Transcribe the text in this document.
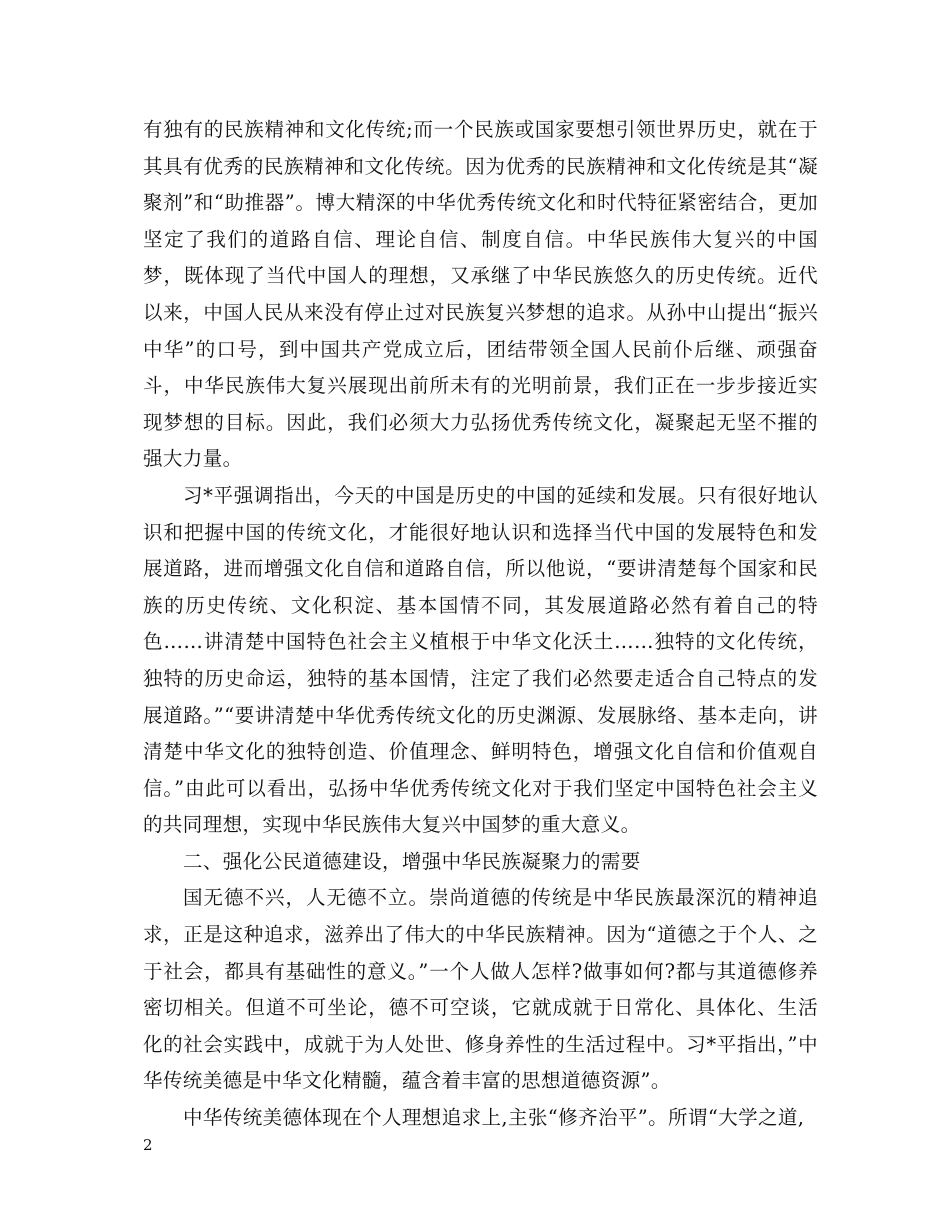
有独有的民族精神和文化传统;而一个民族或国家要想引领世界历史，就在于其具有优秀的民族精神和文化传统。因为优秀的民族精神和文化传统是其“凝聚剂”和“助推器”。博大精深的中华优秀传统文化和时代特征紧密结合，更加坚定了我们的道路自信、理论自信、制度自信。中华民族伟大复兴的中国梦，既体现了当代中国人的理想，又承继了中华民族悠久的历史传统。近代以来，中国人民从来没有停止过对民族复兴梦想的追求。从孙中山提出“振兴中华”的口号，到中国共产党成立后，团结带领全国人民前仆后继、顽强奋斗，中华民族伟大复兴展现出前所未有的光明前景，我们正在一步步接近实现梦想的目标。因此，我们必须大力弘扬优秀传统文化，凝聚起无坚不摧的强大力量。

习*平强调指出，今天的中国是历史的中国的延续和发展。只有很好地认识和把握中国的传统文化，才能很好地认识和选择当代中国的发展特色和发展道路，进而增强文化自信和道路自信，所以他说，“要讲清楚每个国家和民族的历史传统、文化积淀、基本国情不同，其发展道路必然有着自己的特色……讲清楚中国特色社会主义植根于中华文化沃土……独特的文化传统，独特的历史命运，独特的基本国情，注定了我们必然要走适合自己特点的发展道路。”“要讲清楚中华优秀传统文化的历史渊源、发展脉络、基本走向，讲清楚中华文化的独特创造、价值理念、鲜明特色，增强文化自信和价值观自信。”由此可以看出，弘扬中华优秀传统文化对于我们坚定中国特色社会主义的共同理想，实现中华民族伟大复兴中国梦的重大意义。

二、强化公民道德建设，增强中华民族凝聚力的需要

国无德不兴，人无德不立。崇尚道德的传统是中华民族最深沉的精神追求，正是这种追求，滋养出了伟大的中华民族精神。因为“道德之于个人、之于社会，都具有基础性的意义。”一个人做人怎样?做事如何?都与其道德修养密切相关。但道不可坐论，德不可空谈，它就成就于日常化、具体化、生活化的社会实践中，成就于为人处世、修身养性的生活过程中。习*平指出，”中华传统美德是中华文化精髓，蕴含着丰富的思想道德资源”。

中华传统美德体现在个人理想追求上,主张“修齐治平”。所谓“大学之道,

2
